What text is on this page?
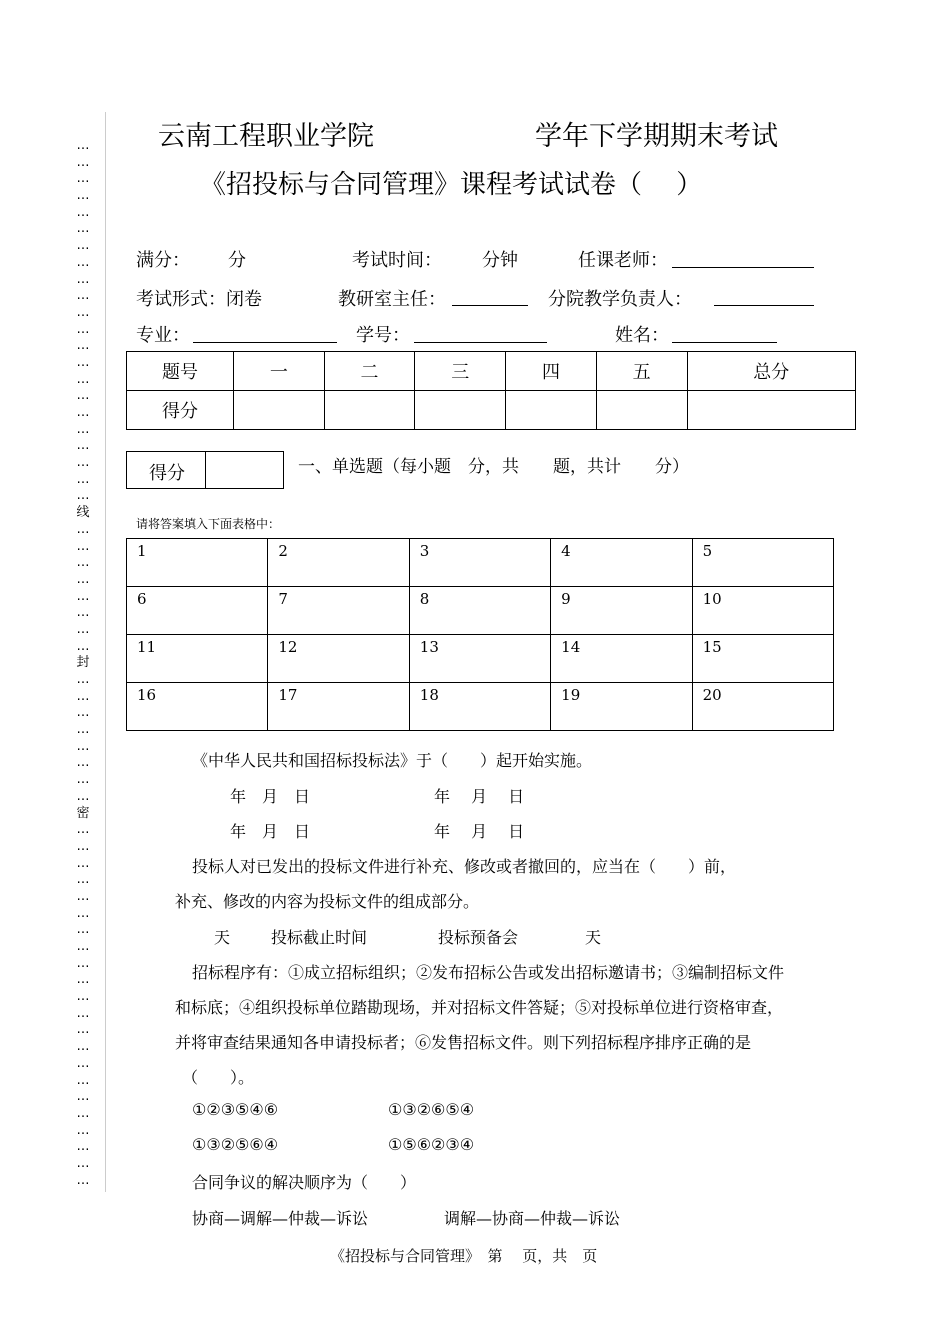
…
…
…
…
…
…
…
…
…
…
…
…
…
…
…
…
…
…
…
…
…
…
线
…
…
…
…
…
…
…
…
封
…
…
…
…
…
…
…
…
密
…
…
…
…
…
…
…
…
…
…
…
…
…
…
…
…
…
…
…
…
…
…
云南工程职业学院	学年下学期期末考试
《招投标与合同管理》课程考试试卷（　 ）
满分： 分	考试时间： 分钟	任课老师：
考试形式：闭卷	教研室主任：	分院教学负责人：
专业：	学号：	姓名：
题号	一	二	三	四	五	总分
得分						
得分	一、单选题（每小题　分，共　　题，共计　　分）
请将答案填入下面表格中：
1	2	3	4	5
6	7	8	9	10
11	12	13	14	15
16	17	18	19	20
《中华人民共和国招标投标法》于（　　）起开始实施。
年　月　日	年　 月　 日
年　月　日	年　 月　 日
投标人对已发出的投标文件进行补充、修改或者撤回的，应当在（　　）前，
补充、修改的内容为投标文件的组成部分。
天	投标截止时间	投标预备会	天
招标程序有：①成立招标组织；②发布招标公告或发出招标邀请书；③编制招标文件
和标底；④组织投标单位踏勘现场，并对招标文件答疑；⑤对投标单位进行资格审查，
并将审查结果通知各申请投标者；⑥发售招标文件。则下列招标程序排序正确的是
（　　）。
①②③⑤④⑥	①③②⑥⑤④
①③②⑤⑥④	①⑤⑥②③④
合同争议的解决顺序为（　　）
协商—调解—仲裁—诉讼	调解—协商—仲裁—诉讼
《招投标与合同管理》　第　 页，共　页
